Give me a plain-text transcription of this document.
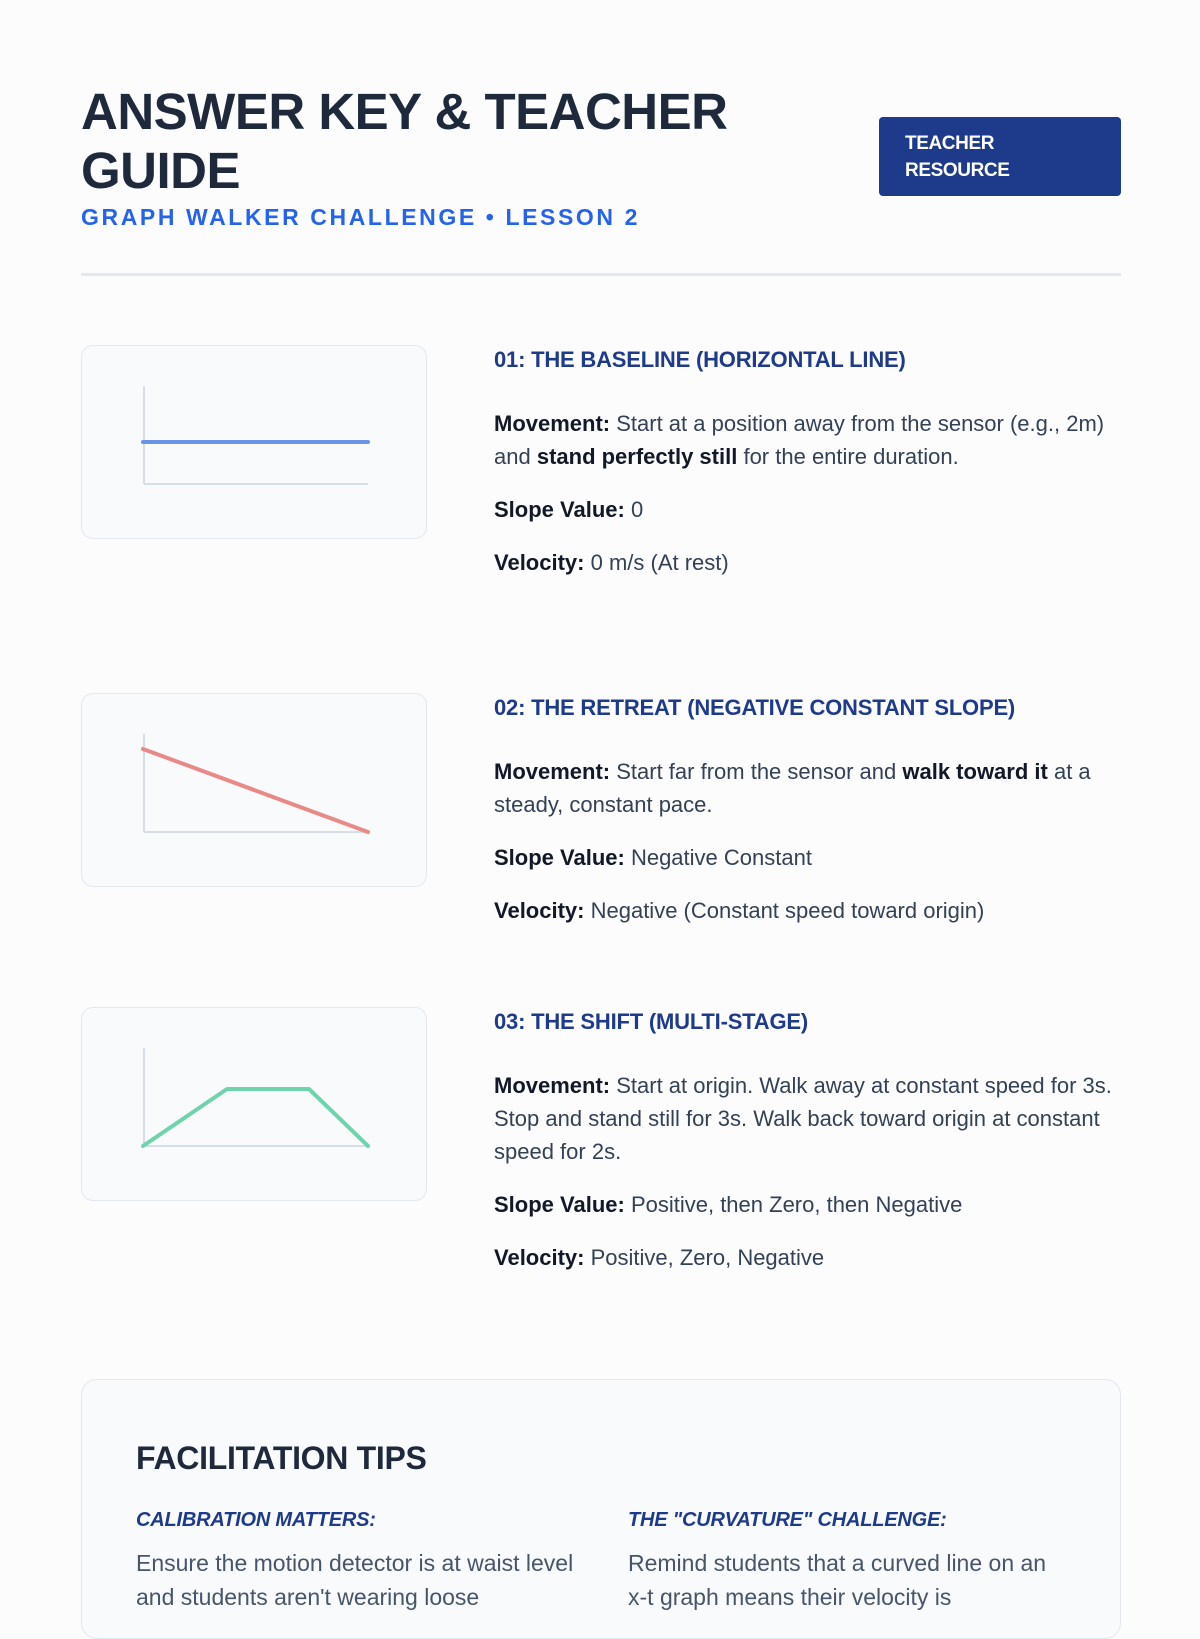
ANSWER KEY & TEACHER GUIDE

GRAPH WALKER CHALLENGE • LESSON 2

TEACHER RESOURCE
01: THE BASELINE (HORIZONTAL LINE)

Movement: Start at a position away from the sensor (e.g., 2m) and stand perfectly still for the entire duration.

Slope Value: 0

Velocity: 0 m/s (At rest)

02: THE RETREAT (NEGATIVE CONSTANT SLOPE)

Movement: Start far from the sensor and walk toward it at a steady, constant pace.

Slope Value: Negative Constant

Velocity: Negative (Constant speed toward origin)

03: THE SHIFT (MULTI-STAGE)

Movement: Start at origin. Walk away at constant speed for 3s. Stop and stand still for 3s. Walk back toward origin at constant speed for 2s.

Slope Value: Positive, then Zero, then Negative

Velocity: Positive, Zero, Negative

FACILITATION TIPS

CALIBRATION MATTERS:

Ensure the motion detector is at waist level and students aren't wearing loose

THE "CURVATURE" CHALLENGE:

Remind students that a curved line on an x-t graph means their velocity is
